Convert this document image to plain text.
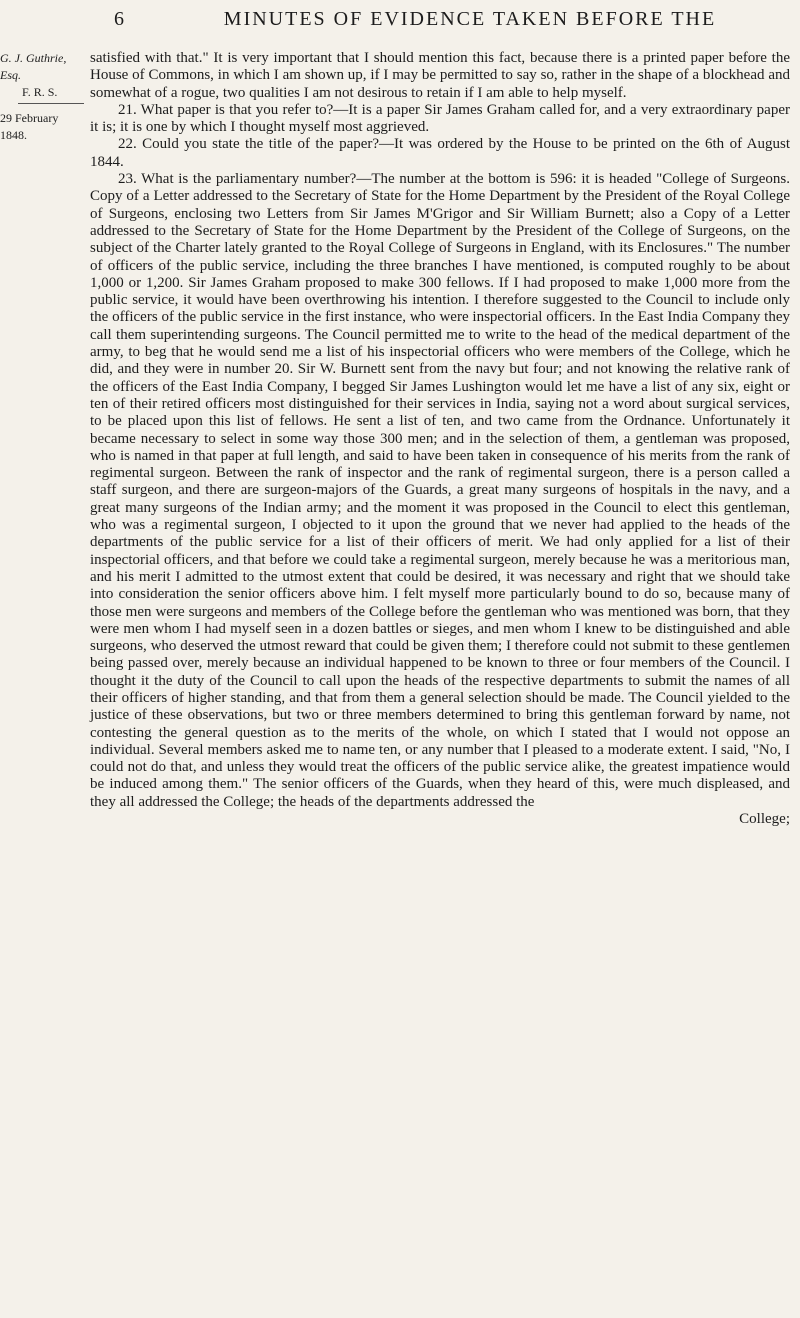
6	MINUTES OF EVIDENCE TAKEN BEFORE THE
G. J. Guthrie, Esq.
F. R. S.
29 February 1848.

satisfied with that." It is very important that I should mention this fact, because there is a printed paper before the House of Commons, in which I am shown up, if I may be permitted to say so, rather in the shape of a blockhead and somewhat of a rogue, two qualities I am not desirous to retain if I am able to help myself.

21. What paper is that you refer to?—It is a paper Sir James Graham called for, and a very extraordinary paper it is; it is one by which I thought myself most aggrieved.

22. Could you state the title of the paper?—It was ordered by the House to be printed on the 6th of August 1844.

23. What is the parliamentary number?—The number at the bottom is 596: it is headed "College of Surgeons. Copy of a Letter addressed to the Secretary of State for the Home Department by the President of the Royal College of Surgeons, enclosing two Letters from Sir James M'Grigor and Sir William Burnett; also a Copy of a Letter addressed to the Secretary of State for the Home Department by the President of the College of Surgeons, on the subject of the Charter lately granted to the Royal College of Surgeons in England, with its Enclosures." The number of officers of the public service, including the three branches I have mentioned, is computed roughly to be about 1,000 or 1,200. Sir James Graham proposed to make 300 fellows. If I had proposed to make 1,000 more from the public service, it would have been overthrowing his intention. I therefore suggested to the Council to include only the officers of the public service in the first instance, who were inspectorial officers. In the East India Company they call them superintending surgeons. The Council permitted me to write to the head of the medical department of the army, to beg that he would send me a list of his inspectorial officers who were members of the College, which he did, and they were in number 20. Sir W. Burnett sent from the navy but four; and not knowing the relative rank of the officers of the East India Company, I begged Sir James Lushington would let me have a list of any six, eight or ten of their retired officers most distinguished for their services in India, saying not a word about surgical services, to be placed upon this list of fellows. He sent a list of ten, and two came from the Ordnance. Unfortunately it became necessary to select in some way those 300 men; and in the selection of them, a gentleman was proposed, who is named in that paper at full length, and said to have been taken in consequence of his merits from the rank of regimental surgeon. Between the rank of inspector and the rank of regimental surgeon, there is a person called a staff surgeon, and there are surgeon-majors of the Guards, a great many surgeons of hospitals in the navy, and a great many surgeons of the Indian army; and the moment it was proposed in the Council to elect this gentleman, who was a regimental surgeon, I objected to it upon the ground that we never had applied to the heads of the departments of the public service for a list of their officers of merit. We had only applied for a list of their inspectorial officers, and that before we could take a regimental surgeon, merely because he was a meritorious man, and his merit I admitted to the utmost extent that could be desired, it was necessary and right that we should take into consideration the senior officers above him. I felt myself more particularly bound to do so, because many of those men were surgeons and members of the College before the gentleman who was mentioned was born, that they were men whom I had myself seen in a dozen battles or sieges, and men whom I knew to be distinguished and able surgeons, who deserved the utmost reward that could be given them; I therefore could not submit to these gentlemen being passed over, merely because an individual happened to be known to three or four members of the Council. I thought it the duty of the Council to call upon the heads of the respective departments to submit the names of all their officers of higher standing, and that from them a general selection should be made. The Council yielded to the justice of these observations, but two or three members determined to bring this gentleman forward by name, not contesting the general question as to the merits of the whole, on which I stated that I would not oppose an individual. Several members asked me to name ten, or any number that I pleased to a moderate extent. I said, "No, I could not do that, and unless they would treat the officers of the public service alike, the greatest impatience would be induced among them." The senior officers of the Guards, when they heard of this, were much displeased, and they all addressed the College; the heads of the departments addressed the

College;
